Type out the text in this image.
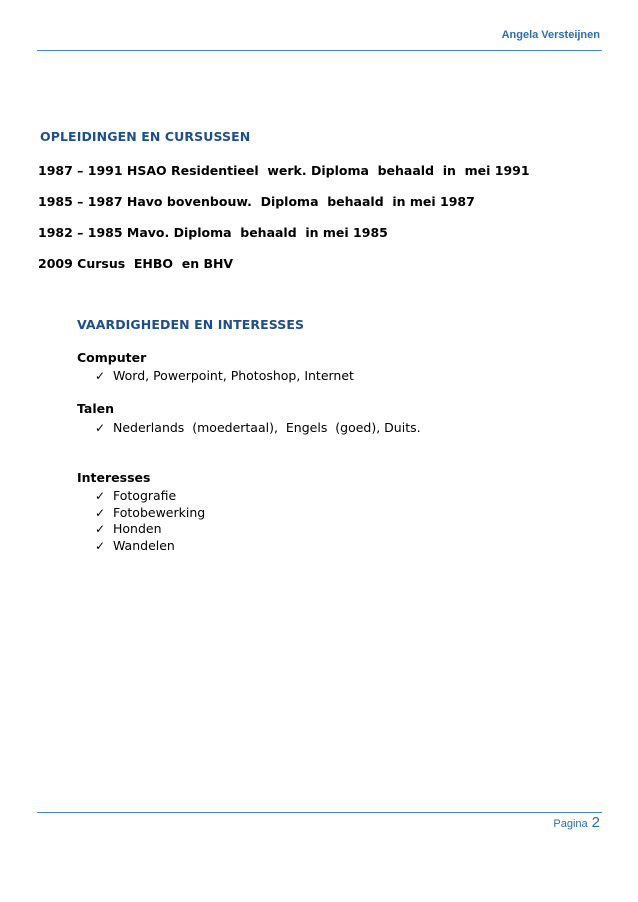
Angela Versteijnen
OPLEIDINGEN EN CURSUSSEN
1987 – 1991 HSAO Residentieel  werk. Diploma  behaald  in  mei 1991
1985 – 1987 Havo bovenbouw.  Diploma  behaald  in mei 1987
1982 – 1985 Mavo. Diploma  behaald  in mei 1985
2009 Cursus  EHBO  en BHV
VAARDIGHEDEN EN INTERESSES
Computer
✓ Word, Powerpoint, Photoshop, Internet
Talen
✓ Nederlands  (moedertaal),  Engels  (goed), Duits.
Interesses
✓ Fotografie
✓ Fotobewerking
✓ Honden
✓ Wandelen
Pagina 2
